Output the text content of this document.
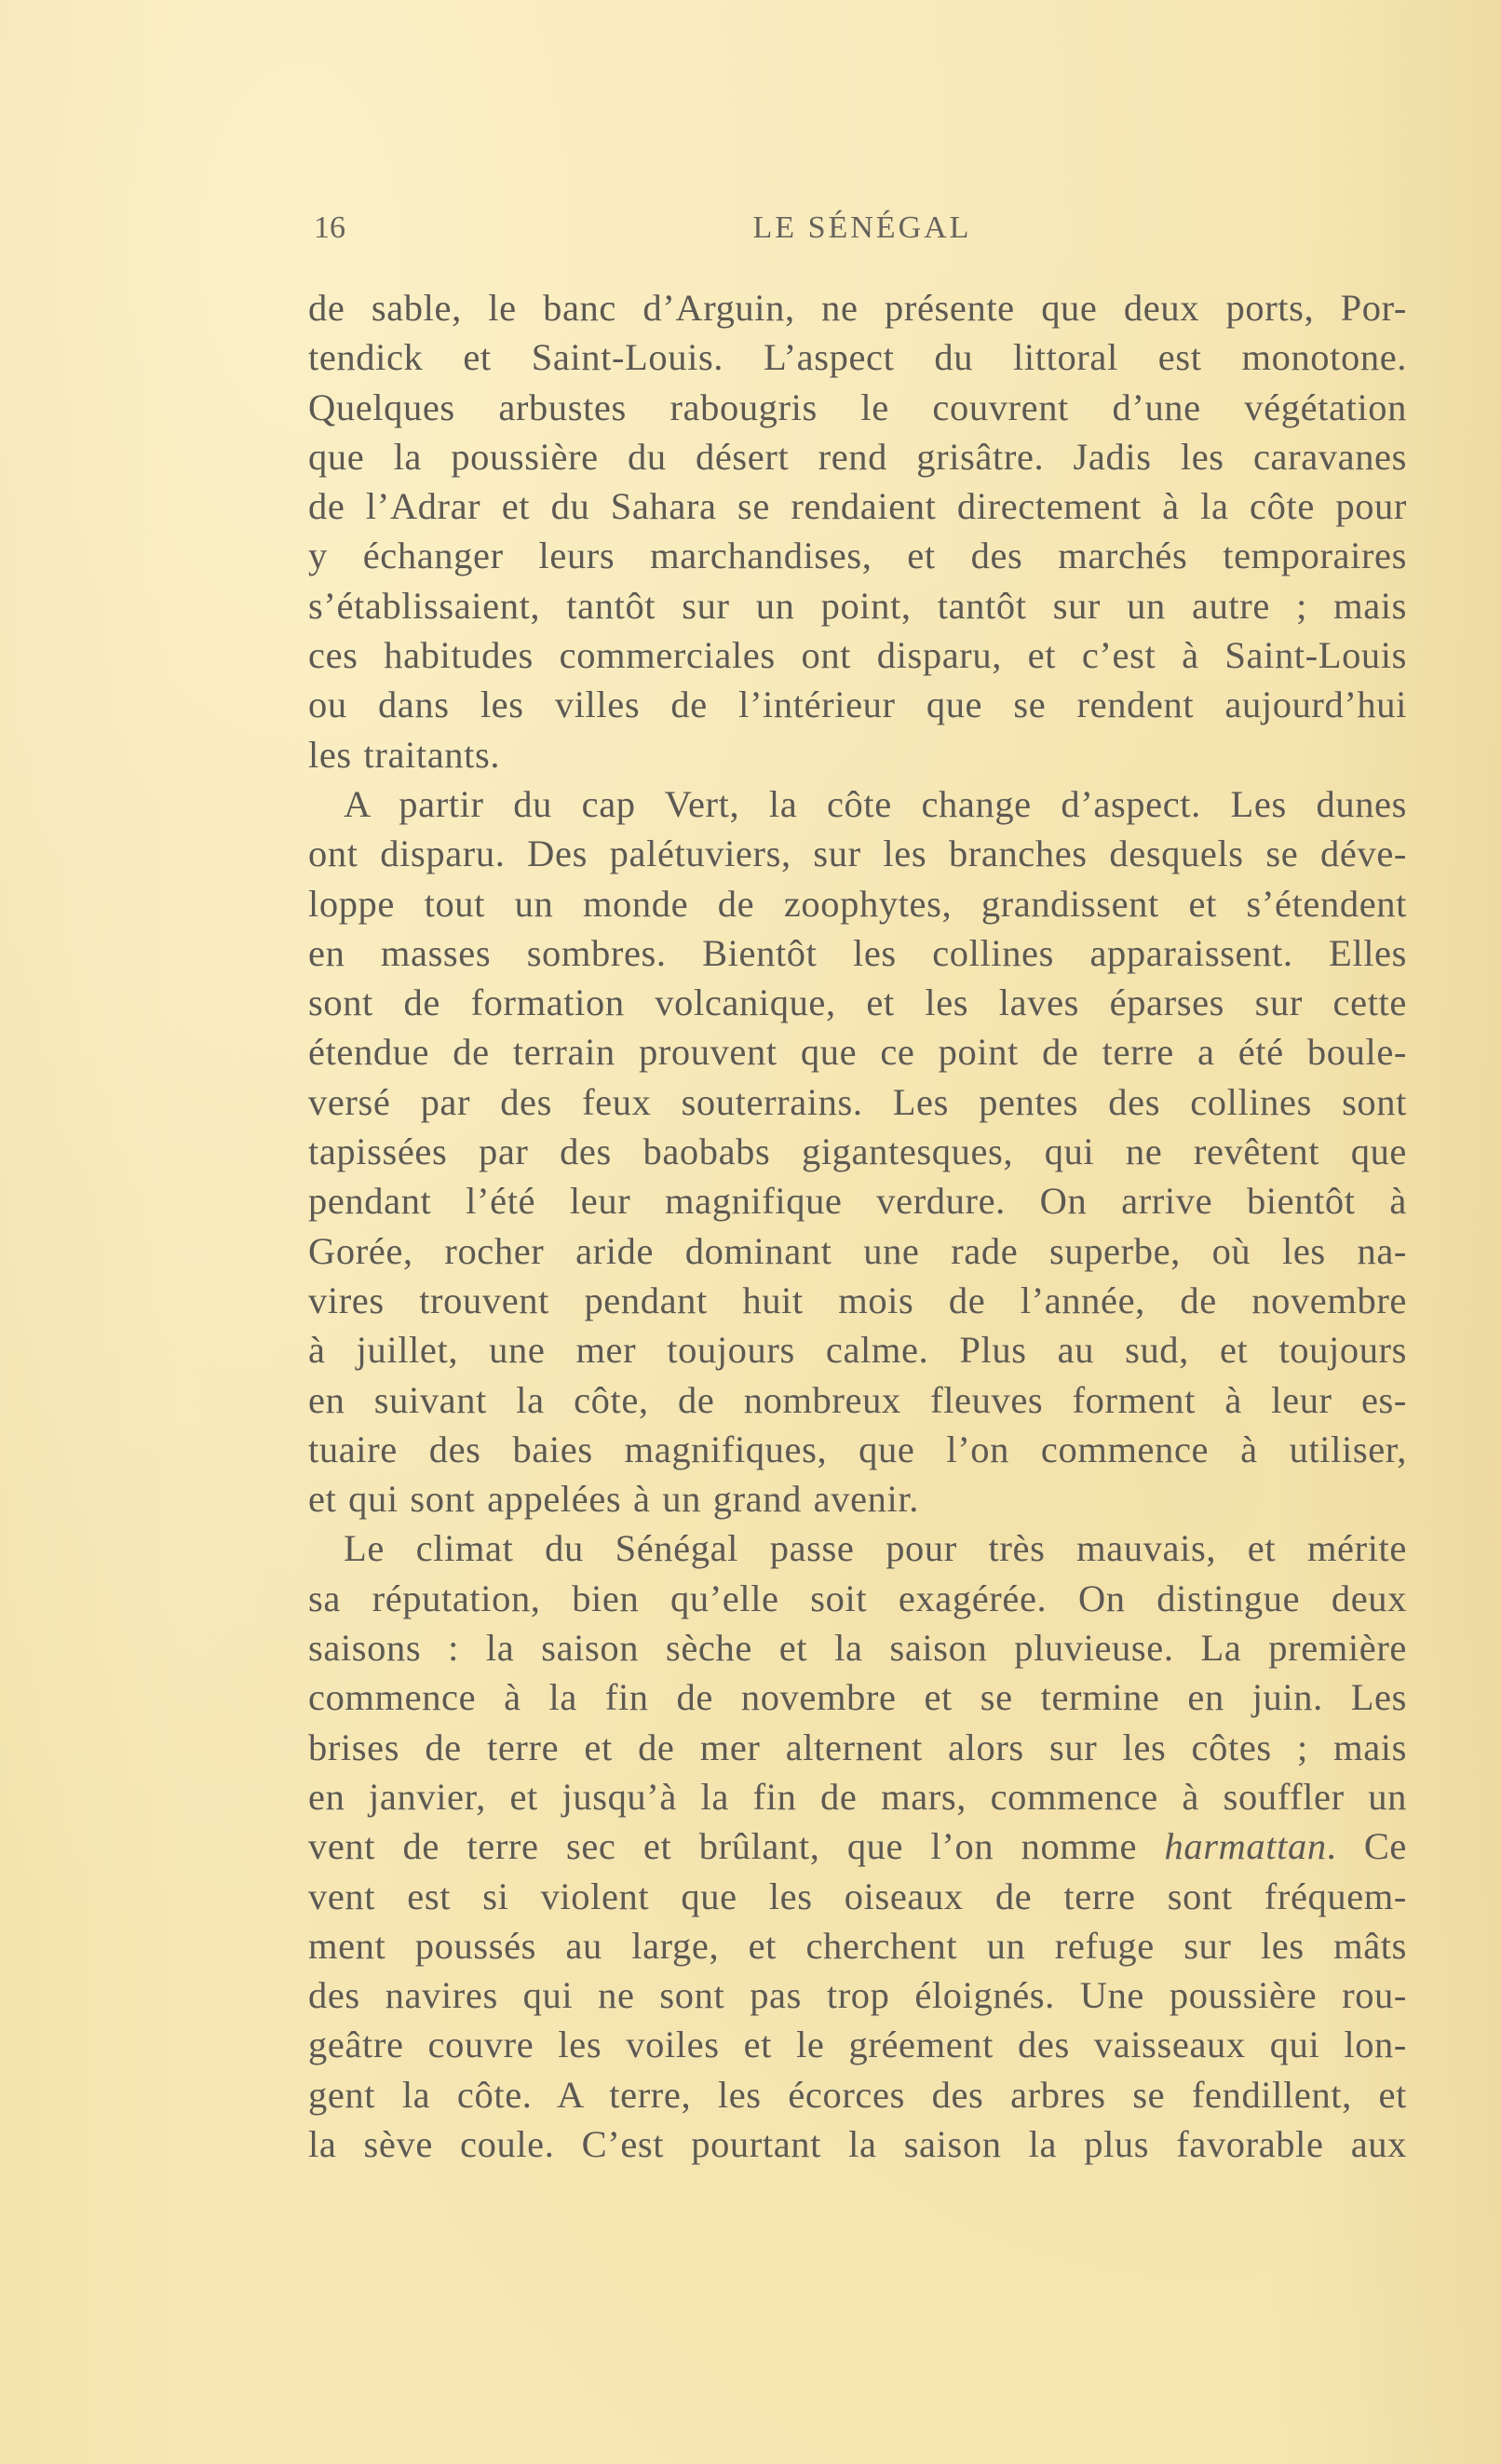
16	LE SÉNÉGAL
de sable, le banc d’Arguin, ne présente que deux ports, Por-
tendick et Saint-Louis. L’aspect du littoral est monotone.
Quelques arbustes rabougris le couvrent d’une végétation
que la poussière du désert rend grisâtre. Jadis les caravanes
de l’Adrar et du Sahara se rendaient directement à la côte pour
y échanger leurs marchandises, et des marchés temporaires
s’établissaient, tantôt sur un point, tantôt sur un autre ; mais
ces habitudes commerciales ont disparu, et c’est à Saint-Louis
ou dans les villes de l’intérieur que se rendent aujourd’hui
les traitants.
A partir du cap Vert, la côte change d’aspect. Les dunes
ont disparu. Des palétuviers, sur les branches desquels se déve-
loppe tout un monde de zoophytes, grandissent et s’étendent
en masses sombres. Bientôt les collines apparaissent. Elles
sont de formation volcanique, et les laves éparses sur cette
étendue de terrain prouvent que ce point de terre a été boule-
versé par des feux souterrains. Les pentes des collines sont
tapissées par des baobabs gigantesques, qui ne revêtent que
pendant l’été leur magnifique verdure. On arrive bientôt à
Gorée, rocher aride dominant une rade superbe, où les na-
vires trouvent pendant huit mois de l’année, de novembre
à juillet, une mer toujours calme. Plus au sud, et toujours
en suivant la côte, de nombreux fleuves forment à leur es-
tuaire des baies magnifiques, que l’on commence à utiliser,
et qui sont appelées à un grand avenir.
Le climat du Sénégal passe pour très mauvais, et mérite
sa réputation, bien qu’elle soit exagérée. On distingue deux
saisons : la saison sèche et la saison pluvieuse. La première
commence à la fin de novembre et se termine en juin. Les
brises de terre et de mer alternent alors sur les côtes ; mais
en janvier, et jusqu’à la fin de mars, commence à souffler un
vent de terre sec et brûlant, que l’on nomme harmattan. Ce
vent est si violent que les oiseaux de terre sont fréquem-
ment poussés au large, et cherchent un refuge sur les mâts
des navires qui ne sont pas trop éloignés. Une poussière rou-
geâtre couvre les voiles et le gréement des vaisseaux qui lon-
gent la côte. A terre, les écorces des arbres se fendillent, et
la sève coule. C’est pourtant la saison la plus favorable aux
